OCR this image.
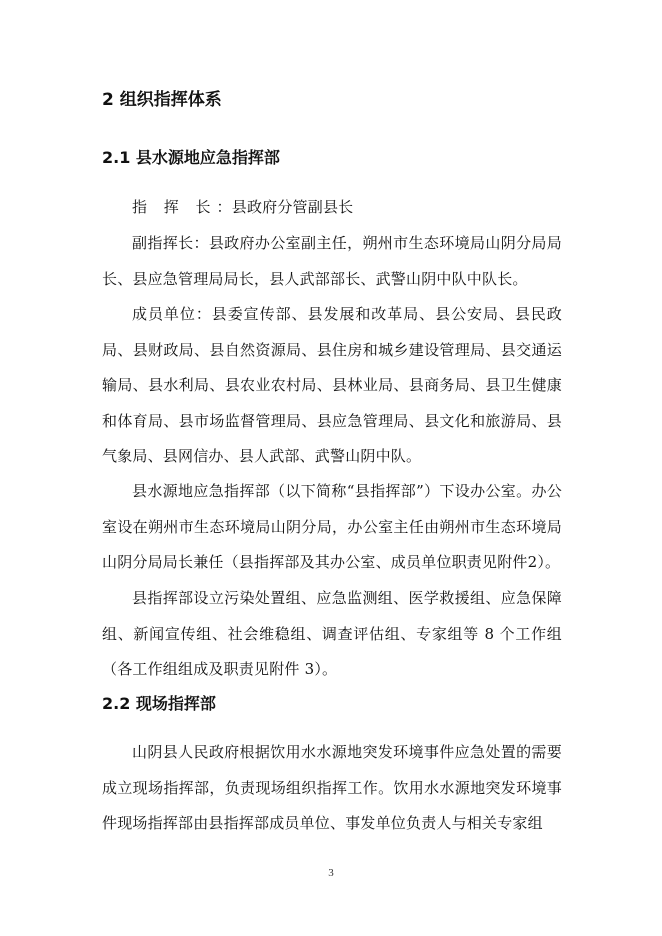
2 组织指挥体系
2.1 县水源地应急指挥部

指 挥 长：县政府分管副县长

副指挥长：县政府办公室副主任，朔州市生态环境局山阴分局局长、县应急管理局局长，县人武部部长、武警山阴中队中队长。

成员单位：县委宣传部、县发展和改革局、县公安局、县民政局、县财政局、县自然资源局、县住房和城乡建设管理局、县交通运输局、县水利局、县农业农村局、县林业局、县商务局、县卫生健康和体育局、县市场监督管理局、县应急管理局、县文化和旅游局、县气象局、县网信办、县人武部、武警山阴中队。

县水源地应急指挥部（以下简称“县指挥部”）下设办公室。办公室设在朔州市生态环境局山阴分局，办公室主任由朔州市生态环境局山阴分局局长兼任（县指挥部及其办公室、成员单位职责见附件2）。

县指挥部设立污染处置组、应急监测组、医学救援组、应急保障组、新闻宣传组、社会维稳组、调查评估组、专家组等 8 个工作组（各工作组组成及职责见附件 3）。

2.2 现场指挥部

山阴县人民政府根据饮用水水源地突发环境事件应急处置的需要成立现场指挥部，负责现场组织指挥工作。饮用水水源地突发环境事件现场指挥部由县指挥部成员单位、事发单位负责人与相关专家组

3
